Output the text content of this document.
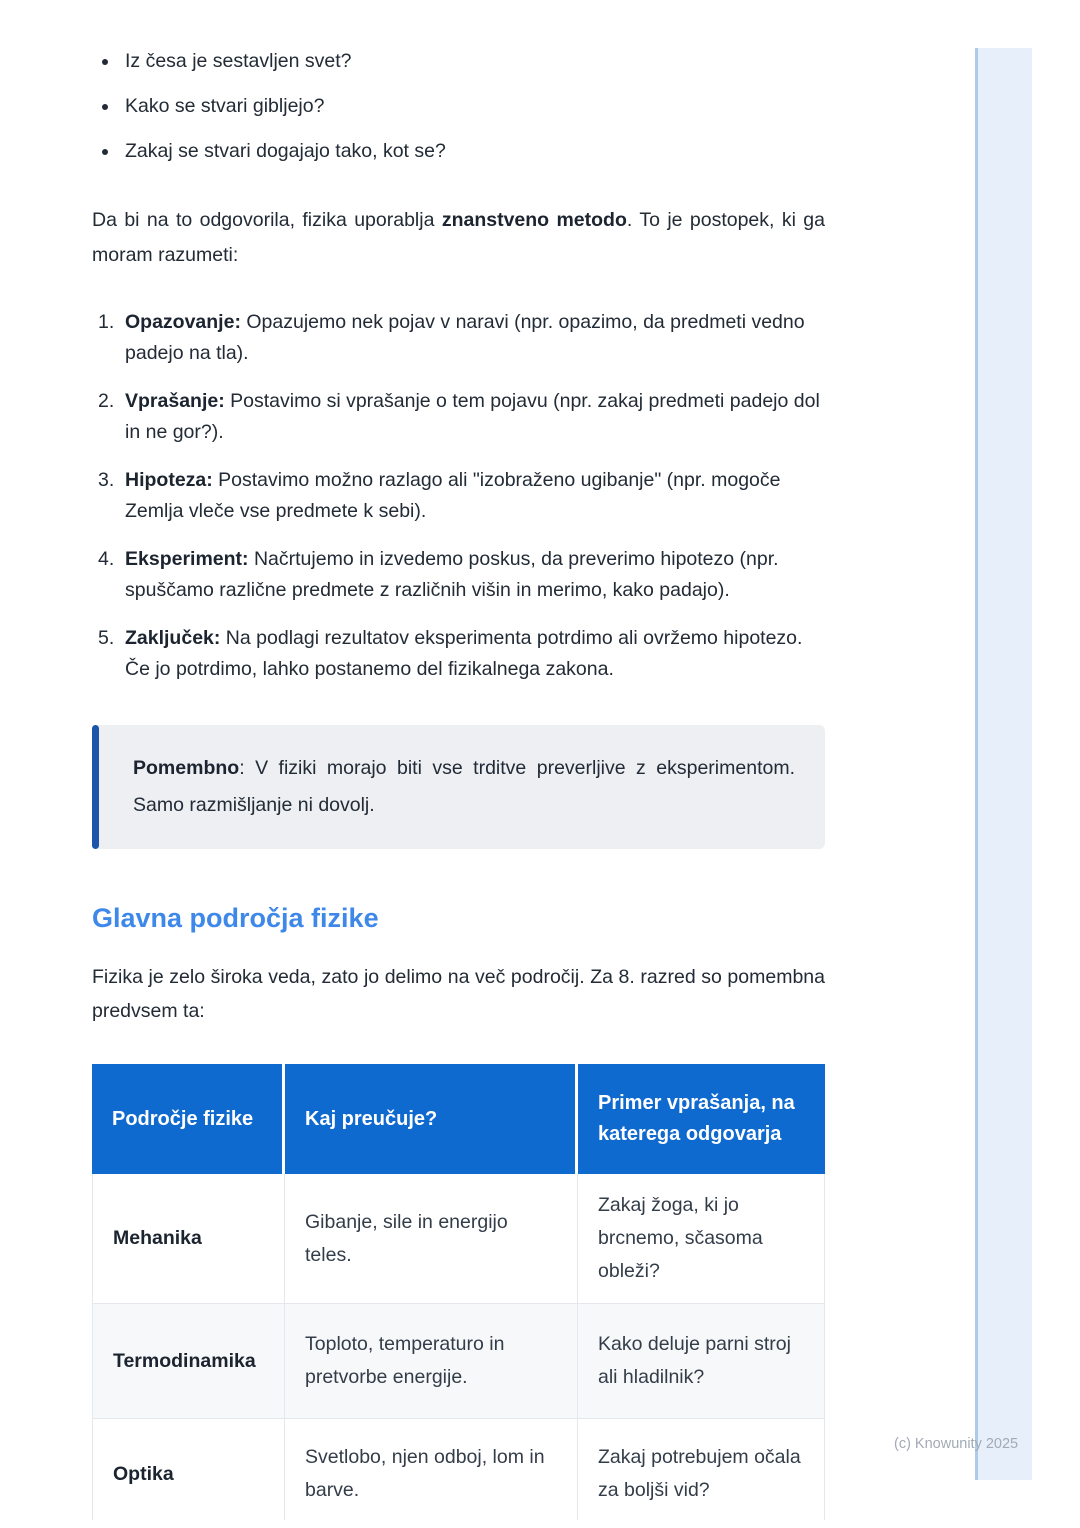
(c) Knowunity 2025
Iz česa je sestavljen svet?
Kako se stvari gibljejo?
Zakaj se stvari dogajajo tako, kot se?

Da bi na to odgovorila, fizika uporablja znanstveno metodo. To je postopek, ki ga moram razumeti:

Opazovanje: Opazujemo nek pojav v naravi (npr. opazimo, da predmeti vedno padejo na tla).
Vprašanje: Postavimo si vprašanje o tem pojavu (npr. zakaj predmeti padejo dol in ne gor?).
Hipoteza: Postavimo možno razlago ali "izobraženo ugibanje" (npr. mogoče Zemlja vleče vse predmete k sebi).
Eksperiment: Načrtujemo in izvedemo poskus, da preverimo hipotezo (npr. spuščamo različne predmete z različnih višin in merimo, kako padajo).
Zaključek: Na podlagi rezultatov eksperimenta potrdimo ali ovržemo hipotezo. Če jo potrdimo, lahko postanemo del fizikalnega zakona.
Pomembno: V fiziki morajo biti vse trditve preverljive z eksperimentom. Samo razmišljanje ni dovolj.
Glavna področja fizike

Fizika je zelo široka veda, zato jo delimo na več področij. Za 8. razred so pomembna predvsem ta:

Področje fizike	Kaj preučuje?	Primer vprašanja, na katerega odgovarja
Mehanika	Gibanje, sile in energijo teles.	Zakaj žoga, ki jo brcnemo, sčasoma obleži?
Termodinamika	Toploto, temperaturo in pretvorbe energije.	Kako deluje parni stroj ali hladilnik?
Optika	Svetlobo, njen odboj, lom in barve.	Zakaj potrebujem očala za boljši vid?
